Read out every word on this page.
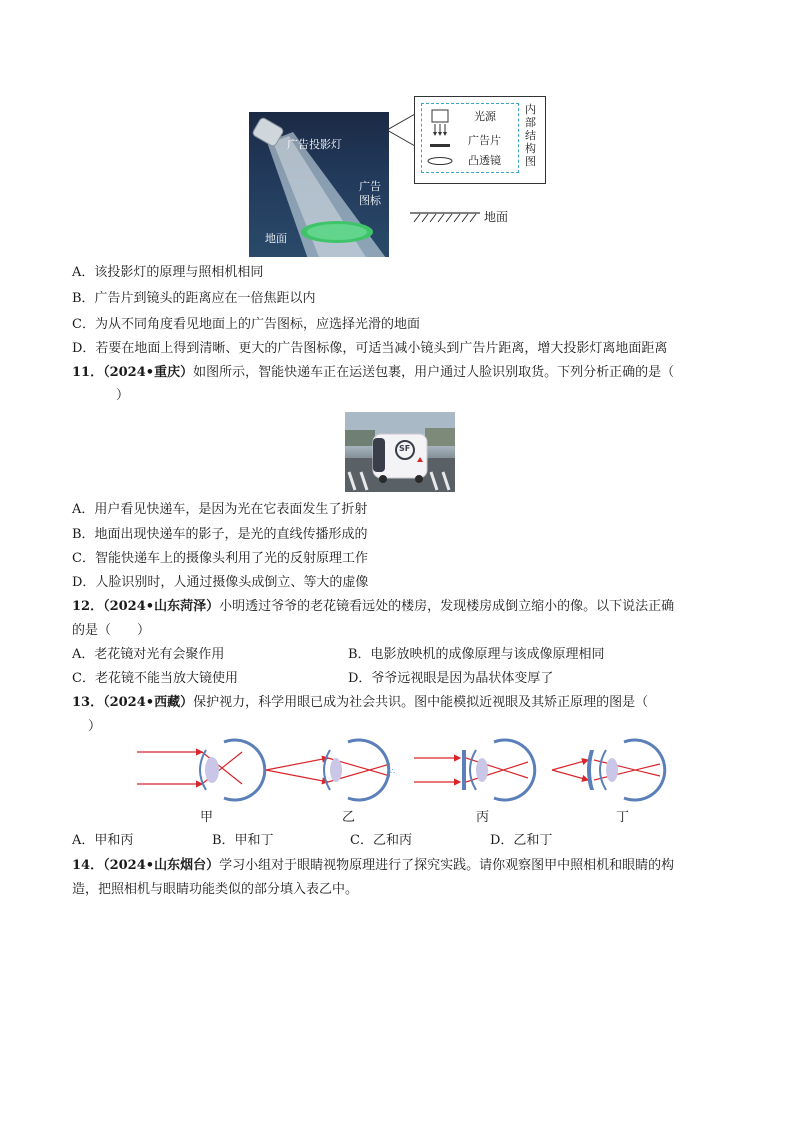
广告投影灯
广告图标
地面
光源
广告片
凸透镜
内部结构图
地面
A．该投影灯的原理与照相机相同
B．广告片到镜头的距离应在一倍焦距以内
C．为从不同角度看见地面上的广告图标，应选择光滑的地面
D．若要在地面上得到清晰、更大的广告图标像，可适当减小镜头到广告片距离，增大投影灯离地面距离
11．（2024•重庆）如图所示，智能快递车正在运送包裹，用户通过人脸识别取货。下列分析正确的是（
）
SF
A．用户看见快递车，是因为光在它表面发生了折射
B．地面出现快递车的影子，是光的直线传播形成的
C．智能快递车上的摄像头利用了光的反射原理工作
D．人脸识别时，人通过摄像头成倒立、等大的虚像
12．（2024•山东菏泽）小明透过爷爷的老花镜看远处的楼房，发现楼房成倒立缩小的像。以下说法正确
的是（　　）
A．老花镜对光有会聚作用	B．电影放映机的成像原理与该成像原理相同
C．老花镜不能当放大镜使用	D．爷爷远视眼是因为晶状体变厚了
13．（2024•西藏）保护视力，科学用眼已成为社会共识。图中能模拟近视眼及其矫正原理的图是（
）
∴
甲	乙	丙	丁
A．甲和丙	B．甲和丁	C．乙和丙	D．乙和丁
14．（2024•山东烟台）学习小组对于眼睛视物原理进行了探究实践。请你观察图甲中照相机和眼睛的构
造，把照相机与眼睛功能类似的部分填入表乙中。
